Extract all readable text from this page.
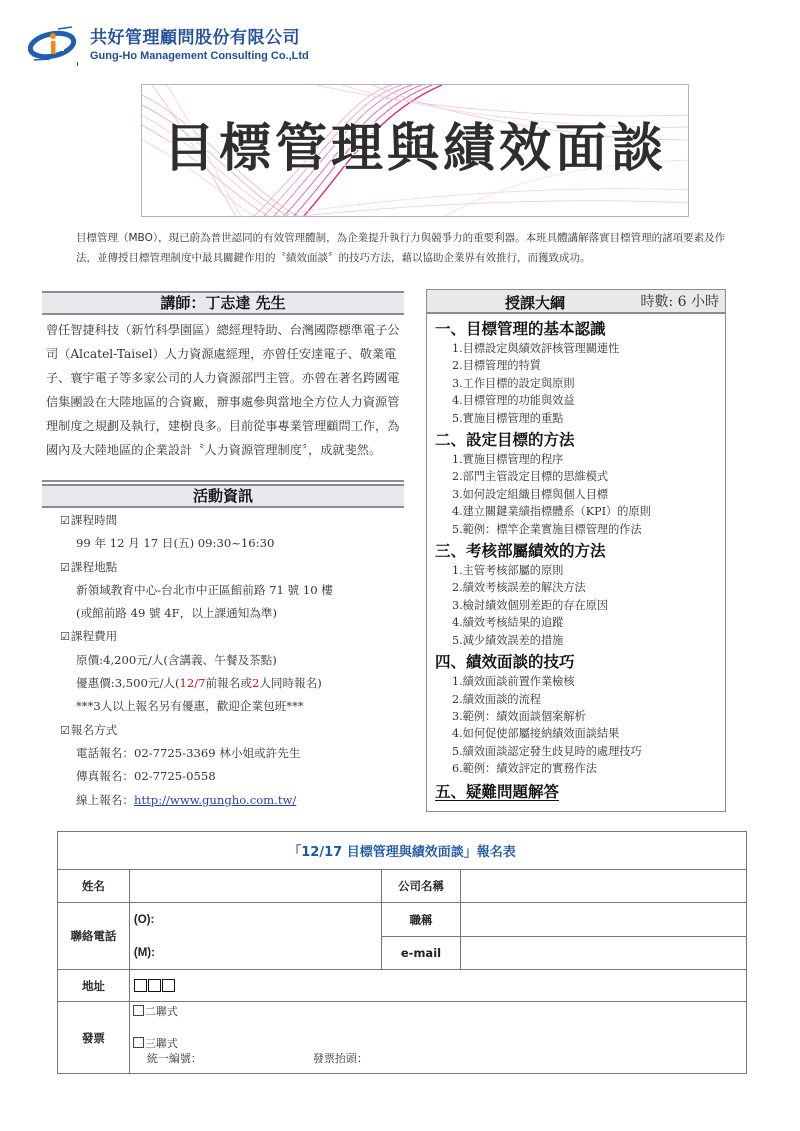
共好管理顧問股份有限公司
Gung-Ho Management Consulting Co.,Ltd
目標管理與績效面談
目標管理（MBO），現已蔚為普世認同的有效管理體制，為企業提升執行力與競爭力的重要利器。本班具體講解落實目標管理的諸項要素及作法，並傳授目標管理制度中最具關鍵作用的〝績效面談〞的技巧方法，藉以協助企業界有效推行，而獲致成功。
講師：丁志達 先生
曾任智捷科技（新竹科學園區）總經理特助、台灣國際標準電子公司（Alcatel-Taisel）人力資源處經理，亦曾任安達電子、敬業電子、寰宇電子等多家公司的人力資源部門主管。亦曾在著名跨國電信集團設在大陸地區的合資廠，辦事處參與當地全方位人力資源管理制度之規劃及執行，建樹良多。目前從事專業管理顧問工作，為國內及大陸地區的企業設計〝人力資源管理制度〞，成就斐然。
活動資訊
☑課程時間
99 年 12 月 17 日(五) 09:30~16:30
☑課程地點
新領域教育中心-台北市中正區館前路 71 號 10 樓
(或館前路 49 號 4F，以上課通知為準)
☑課程費用
原價:4,200元/人(含講義、午餐及茶點)
優惠價:3,500元/人(12/7前報名或2人同時報名)
***3人以上報名另有優惠，歡迎企業包班***
☑報名方式
電話報名：02-7725-3369 林小姐或許先生
傳真報名：02-7725-0558
線上報名：http://www.gungho.com.tw/
授課大綱	時數: 6 小時
一、目標管理的基本認識
1.目標設定與績效評核管理關連性
2.目標管理的特質
3.工作目標的設定與原則
4.目標管理的功能與效益
5.實施目標管理的重點
二、設定目標的方法
1.實施目標管理的程序
2.部門主管設定目標的思維模式
3.如何設定組織目標與個人目標
4.建立關鍵業績指標體系（KPI）的原則
5.範例：標竿企業實施目標管理的作法
三、考核部屬績效的方法
1.主管考核部屬的原則
2.績效考核誤差的解決方法
3.檢討績效個別差距的存在原因
4.績效考核結果的追蹤
5.減少績效誤差的措施
四、績效面談的技巧
1.績效面談前置作業檢核
2.績效面談的流程
3.範例：績效面談個案解析
4.如何促使部屬接納績效面談結果
5.績效面談認定發生歧見時的處理技巧
6.範例：績效評定的實務作法
五、疑難問題解答
「12/17 目標管理與績效面談」報名表			
姓名		公司名稱	
聯絡電話	(O):	職稱	
	(M):	e-mail	
地址			
發票	二聯式
三聯式
統一編號： 發票抬頭：		
